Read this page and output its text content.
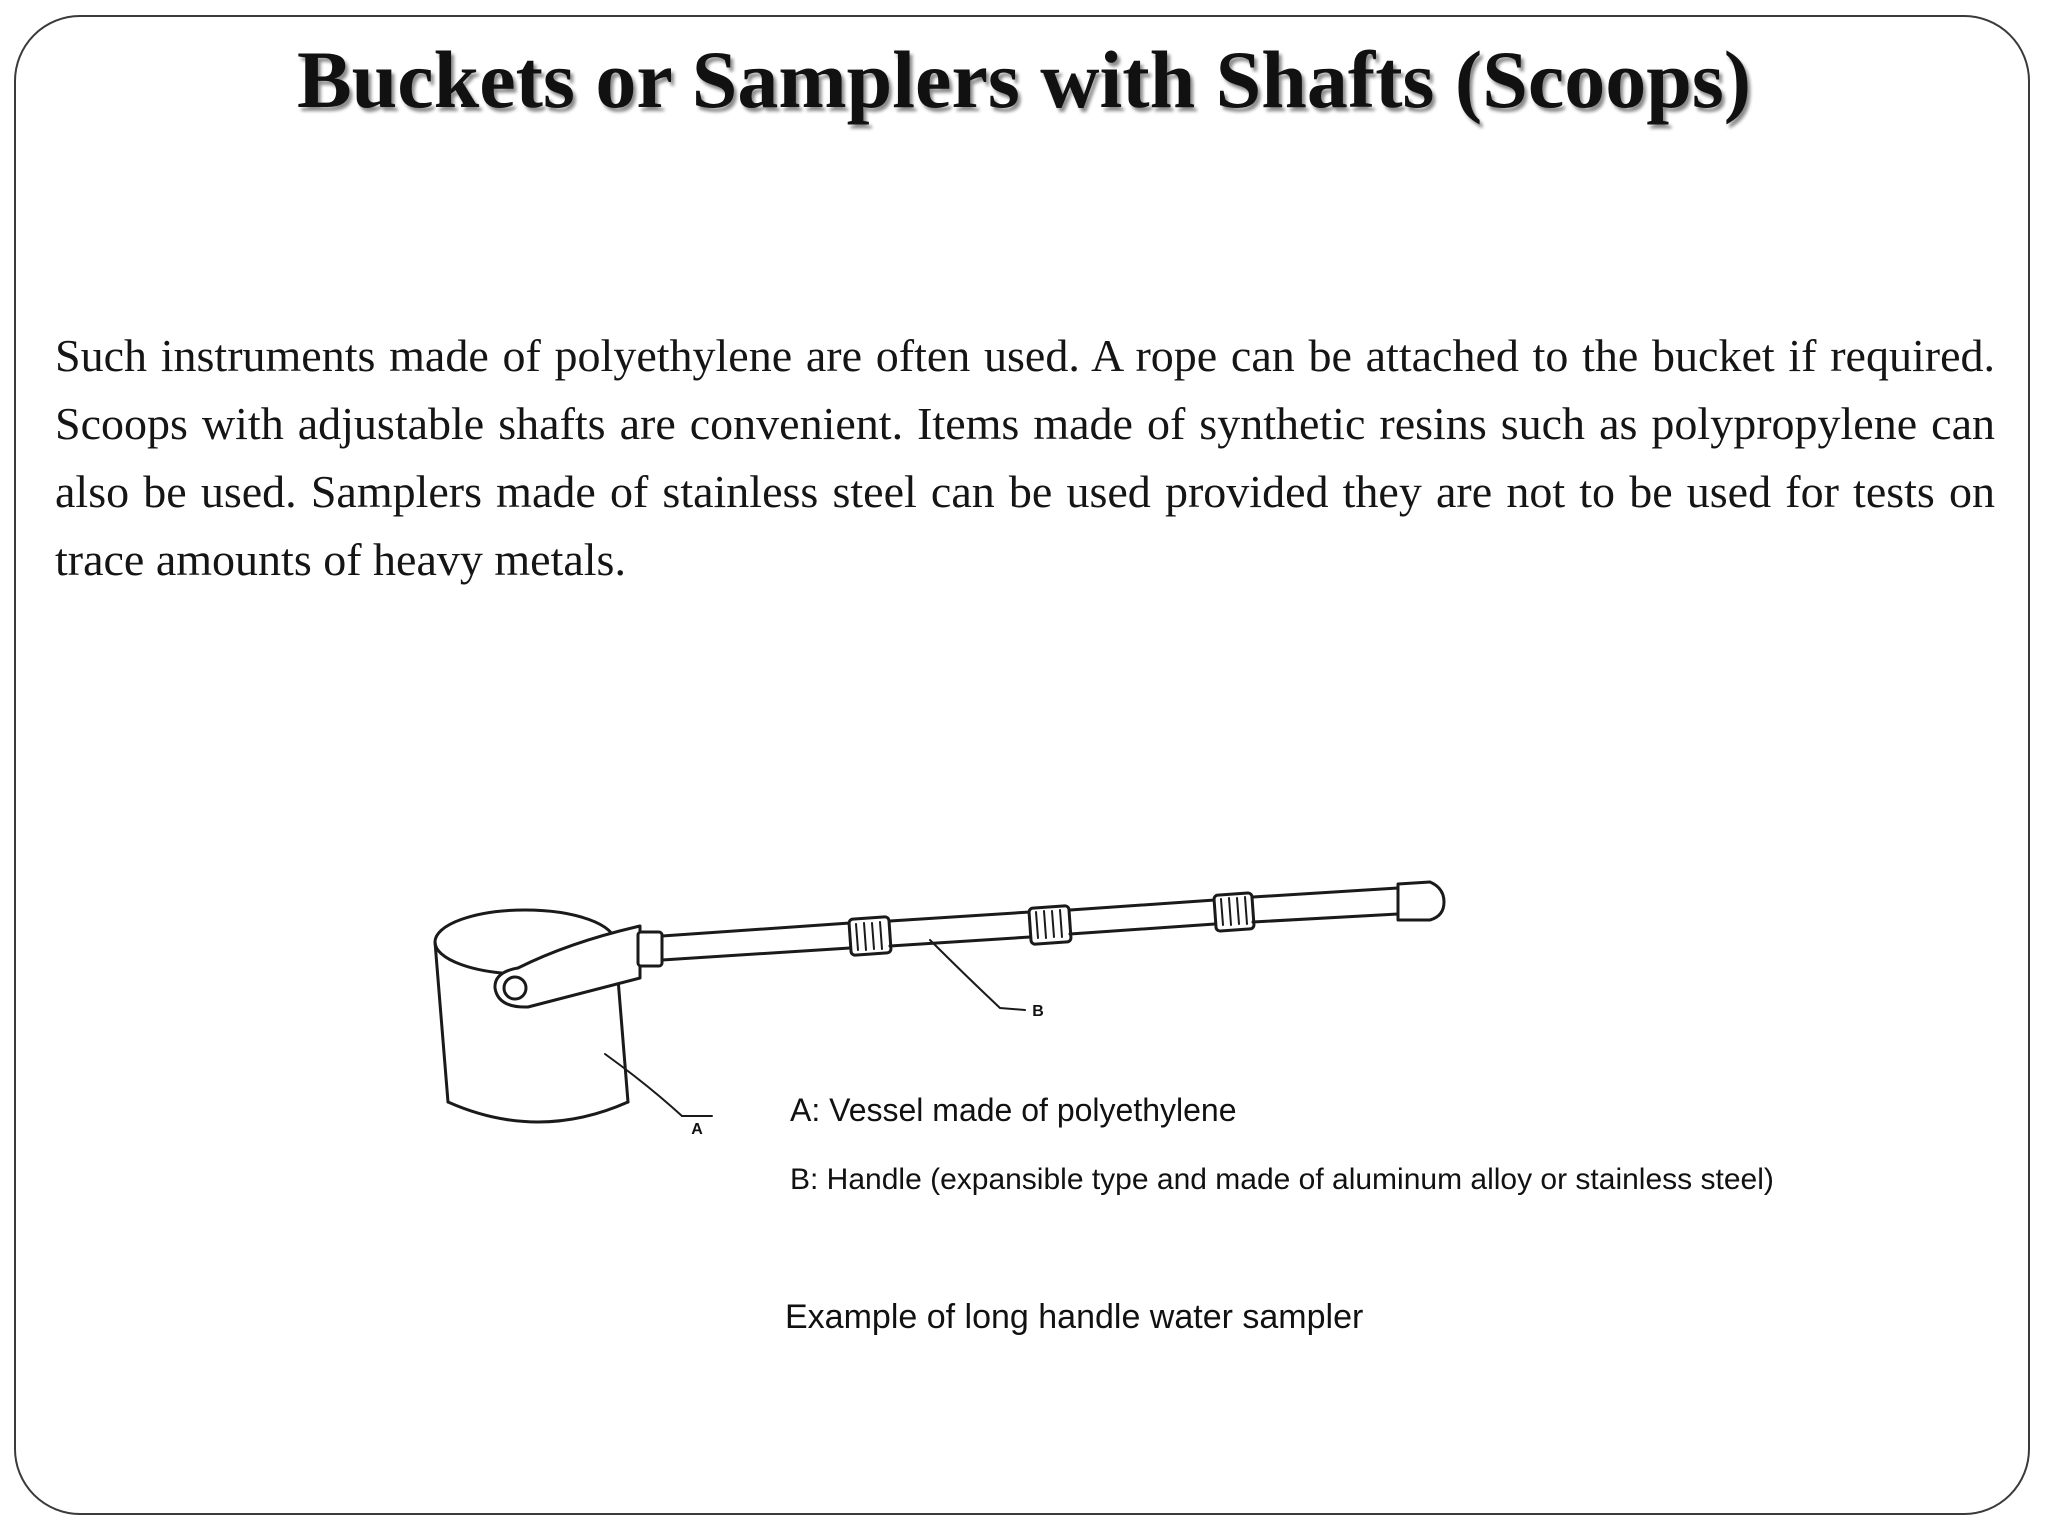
Buckets or Samplers with Shafts (Scoops)

Such instruments made of polyethylene are often used. A rope can be attached to the bucket if required. Scoops with adjustable shafts are convenient. Items made of synthetic resins such as polypropylene can also be used. Samplers made of stainless steel can be used provided they are not to be used for tests on trace amounts of heavy metals.

A
B
A: Vessel made of polyethylene
B: Handle (expansible type and made of aluminum alloy or stainless steel)
Example of long handle water sampler
